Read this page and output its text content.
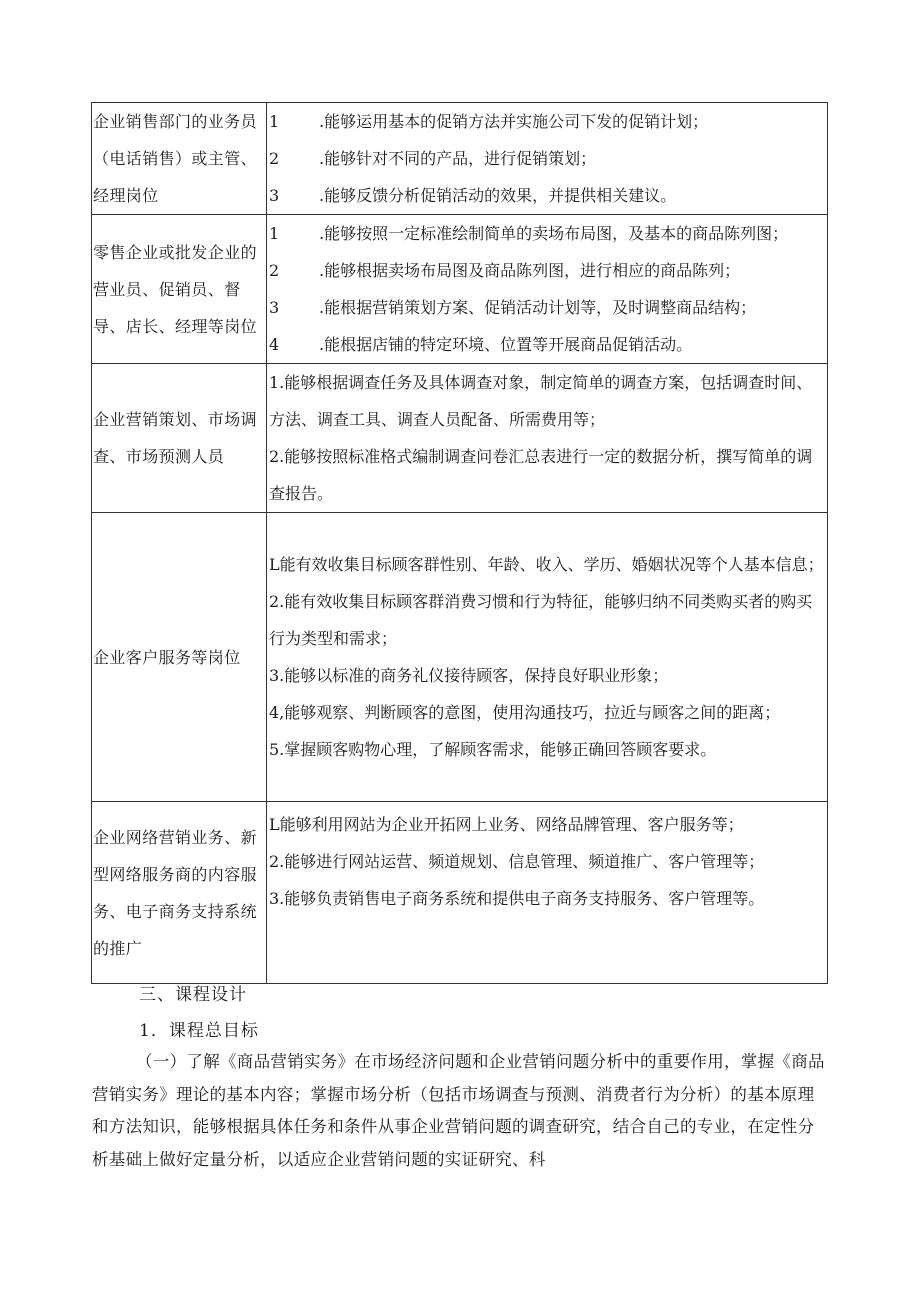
企业销售部门的业务员（电话销售）或主管、经理岗位	1 .能够运用基本的促销方法并实施公司下发的促销计划；
2 .能够针对不同的产品，进行促销策划；
3 .能够反馈分析促销活动的效果，并提供相关建议。

零售企业或批发企业的营业员、促销员、督导、店长、经理等岗位	1 .能够按照一定标准绘制简单的卖场布局图，及基本的商品陈列图；
2 .能够根据卖场布局图及商品陈列图，进行相应的商品陈列；
3 .能根据营销策划方案、促销活动计划等，及时调整商品结构；
4 .能根据店铺的特定环境、位置等开展商品促销活动。

企业营销策划、市场调查、市场预测人员	1.能够根据调查任务及具体调查对象，制定简单的调查方案，包括调查时间、方法、调查工具、调查人员配备、所需费用等；
2.能够按照标准格式编制调查问卷汇总表进行一定的数据分析，撰写简单的调查报告。

企业客户服务等岗位	L能有效收集目标顾客群性别、年龄、收入、学历、婚姻状况等个人基本信息；
2.能有效收集目标顾客群消费习惯和行为特征，能够归纳不同类购买者的购买行为类型和需求；
3.能够以标准的商务礼仪接待顾客，保持良好职业形象；
4,能够观察、判断顾客的意图，使用沟通技巧，拉近与顾客之间的距离；
5.掌握顾客购物心理，了解顾客需求，能够正确回答顾客要求。

企业网络营销业务、新型网络服务商的内容服务、电子商务支持系统的推广	L能够利用网站为企业开拓网上业务、网络品牌管理、客户服务等；
2.能够进行网站运营、频道规划、信息管理、频道推广、客户管理等；
3.能够负责销售电子商务系统和提供电子商务支持服务、客户管理等。
三、课程设计
1．课程总目标
（一）了解《商品营销实务》在市场经济问题和企业营销问题分析中的重要作用，掌握《商品营销实务》理论的基本内容；掌握市场分析（包括市场调查与预测、消费者行为分析）的基本原理和方法知识，能够根据具体任务和条件从事企业营销问题的调查研究，结合自己的专业，在定性分析基础上做好定量分析，以适应企业营销问题的实证研究、科
